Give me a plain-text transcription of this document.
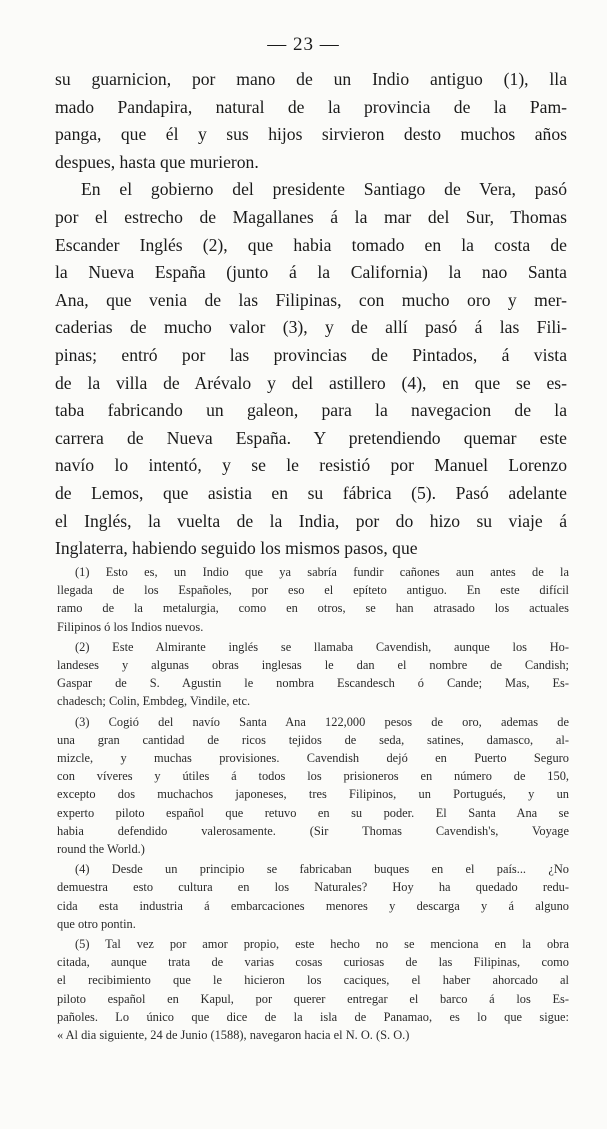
— 23 —
su guarnicion, por mano de un Indio antiguo (1), lla
mado Pandapira, natural de la provincia de la Pam-
panga, que él y sus hijos sirvieron desto muchos años
despues, hasta que murieron.
En el gobierno del presidente Santiago de Vera, pasó
por el estrecho de Magallanes á la mar del Sur, Thomas
Escander Inglés (2), que habia tomado en la costa de
la Nueva España (junto á la California) la nao Santa
Ana, que venia de las Filipinas, con mucho oro y mer-
caderias de mucho valor (3), y de allí pasó á las Fili-
pinas; entró por las provincias de Pintados, á vista
de la villa de Arévalo y del astillero (4), en que se es-
taba fabricando un galeon, para la navegacion de la
carrera de Nueva España. Y pretendiendo quemar este
navío lo intentó, y se le resistió por Manuel Lorenzo
de Lemos, que asistia en su fábrica (5). Pasó adelante
el Inglés, la vuelta de la India, por do hizo su viaje á
Inglaterra, habiendo seguido los mismos pasos, que
(1) Esto es, un Indio que ya sabría fundir cañones aun antes de la
llegada de los Españoles, por eso el epíteto antiguo. En este difícil
ramo de la metalurgia, como en otros, se han atrasado los actuales
Filipinos ó los Indios nuevos.
(2) Este Almirante inglés se llamaba Cavendish, aunque los Ho-
landeses y algunas obras inglesas le dan el nombre de Candish;
Gaspar de S. Agustin le nombra Escandesch ó Cande; Mas, Es-
chadesch; Colin, Embdeg, Vindile, etc.
(3) Cogió del navío Santa Ana 122,000 pesos de oro, ademas de
una gran cantidad de ricos tejidos de seda, satines, damasco, al-
mizcle, y muchas provisiones. Cavendish dejó en Puerto Seguro
con víveres y útiles á todos los prisioneros en número de 150,
excepto dos muchachos japoneses, tres Filipinos, un Portugués, y un
experto piloto español que retuvo en su poder. El Santa Ana se
habia defendido valerosamente. (Sir Thomas Cavendish's, Voyage
round the World.)
(4) Desde un principio se fabricaban buques en el país... ¿No
demuestra esto cultura en los Naturales? Hoy ha quedado redu-
cida esta industria á embarcaciones menores y descarga y á alguno
que otro pontin.
(5) Tal vez por amor propio, este hecho no se menciona en la obra
citada, aunque trata de varias cosas curiosas de las Filipinas, como
el recibimiento que le hicieron los caciques, el haber ahorcado al
piloto español en Kapul, por querer entregar el barco á los Es-
pañoles. Lo único que dice de la isla de Panamao, es lo que sigue:
« Al dia siguiente, 24 de Junio (1588), navegaron hacia el N. O. (S. O.)
